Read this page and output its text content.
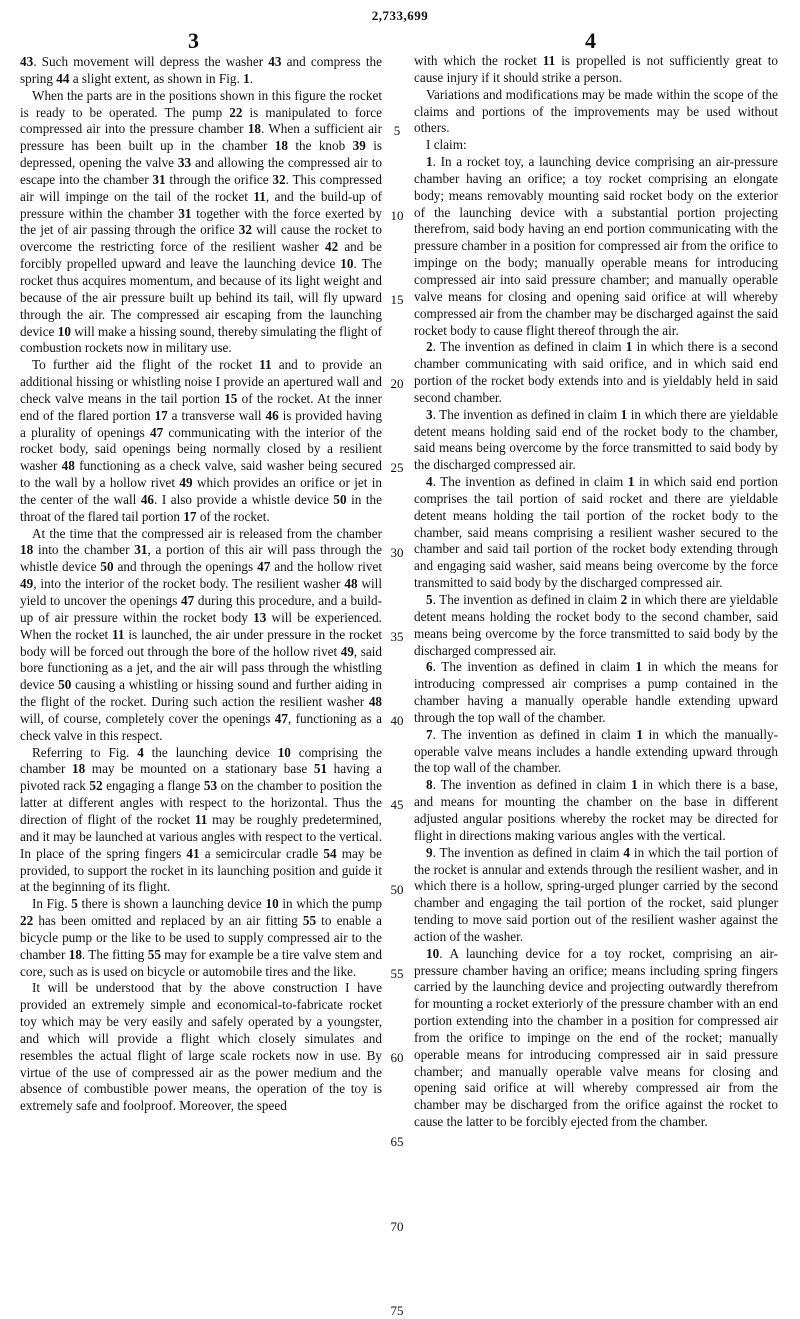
2,733,699
3	4

43. Such movement will depress the washer 43 and compress the spring 44 a slight extent, as shown in Fig. 1.

When the parts are in the positions shown in this figure the rocket is ready to be operated. The pump 22 is manipulated to force compressed air into the pressure chamber 18. When a sufficient air pressure has been built up in the chamber 18 the knob 39 is depressed, opening the valve 33 and allowing the compressed air to escape into the chamber 31 through the orifice 32. This compressed air will impinge on the tail of the rocket 11, and the build-up of pressure within the chamber 31 together with the force exerted by the jet of air passing through the orifice 32 will cause the rocket to overcome the restricting force of the resilient washer 42 and be forcibly propelled upward and leave the launching device 10. The rocket thus acquires momentum, and because of its light weight and because of the air pressure built up behind its tail, will fly upward through the air. The compressed air escaping from the launching device 10 will make a hissing sound, thereby simulating the flight of combustion rockets now in military use.

To further aid the flight of the rocket 11 and to provide an additional hissing or whistling noise I provide an apertured wall and check valve means in the tail portion 15 of the rocket. At the inner end of the flared portion 17 a transverse wall 46 is provided having a plurality of openings 47 communicating with the interior of the rocket body, said openings being normally closed by a resilient washer 48 functioning as a check valve, said washer being secured to the wall by a hollow rivet 49 which provides an orifice or jet in the center of the wall 46. I also provide a whistle device 50 in the throat of the flared tail portion 17 of the rocket.

At the time that the compressed air is released from the chamber 18 into the chamber 31, a portion of this air will pass through the whistle device 50 and through the openings 47 and the hollow rivet 49, into the interior of the rocket body. The resilient washer 48 will yield to uncover the openings 47 during this procedure, and a build-up of air pressure within the rocket body 13 will be experienced. When the rocket 11 is launched, the air under pressure in the rocket body will be forced out through the bore of the hollow rivet 49, said bore functioning as a jet, and the air will pass through the whistling device 50 causing a whistling or hissing sound and further aiding in the flight of the rocket. During such action the resilient washer 48 will, of course, completely cover the openings 47, functioning as a check valve in this respect.

Referring to Fig. 4 the launching device 10 comprising the chamber 18 may be mounted on a stationary base 51 having a pivoted rack 52 engaging a flange 53 on the chamber to position the latter at different angles with respect to the horizontal. Thus the direction of flight of the rocket 11 may be roughly predetermined, and it may be launched at various angles with respect to the vertical. In place of the spring fingers 41 a semicircular cradle 54 may be provided, to support the rocket in its launching position and guide it at the beginning of its flight.

In Fig. 5 there is shown a launching device 10 in which the pump 22 has been omitted and replaced by an air fitting 55 to enable a bicycle pump or the like to be used to supply compressed air to the chamber 18. The fitting 55 may for example be a tire valve stem and core, such as is used on bicycle or automobile tires and the like.

It will be understood that by the above construction I have provided an extremely simple and economical-to-fabricate rocket toy which may be very easily and safely operated by a youngster, and which will provide a flight which closely simulates and resembles the actual flight of large scale rockets now in use. By virtue of the use of compressed air as the power medium and the absence of combustible power means, the operation of the toy is extremely safe and foolproof. Moreover, the speed

5
10
15
20
25
30
35
40
45
50
55
60
65
70
75

with which the rocket 11 is propelled is not sufficiently great to cause injury if it should strike a person.

Variations and modifications may be made within the scope of the claims and portions of the improvements may be used without others.

I claim:

1. In a rocket toy, a launching device comprising an air-pressure chamber having an orifice; a toy rocket comprising an elongate body; means removably mounting said rocket body on the exterior of the launching device with a substantial portion projecting therefrom, said body having an end portion communicating with the pressure chamber in a position for compressed air from the orifice to impinge on the body; manually operable means for introducing compressed air into said pressure chamber; and manually operable valve means for closing and opening said orifice at will whereby compressed air from the chamber may be discharged against the said rocket body to cause flight thereof through the air.

2. The invention as defined in claim 1 in which there is a second chamber communicating with said orifice, and in which said end portion of the rocket body extends into and is yieldably held in said second chamber.

3. The invention as defined in claim 1 in which there are yieldable detent means holding said end of the rocket body to the chamber, said means being overcome by the force transmitted to said body by the discharged compressed air.

4. The invention as defined in claim 1 in which said end portion comprises the tail portion of said rocket and there are yieldable detent means holding the tail portion of the rocket body to the chamber, said means comprising a resilient washer secured to the chamber and said tail portion of the rocket body extending through and engaging said washer, said means being overcome by the force transmitted to said body by the discharged compressed air.

5. The invention as defined in claim 2 in which there are yieldable detent means holding the rocket body to the second chamber, said means being overcome by the force transmitted to said body by the discharged compressed air.

6. The invention as defined in claim 1 in which the means for introducing compressed air comprises a pump contained in the chamber having a manually operable handle extending upward through the top wall of the chamber.

7. The invention as defined in claim 1 in which the manually-operable valve means includes a handle extending upward through the top wall of the chamber.

8. The invention as defined in claim 1 in which there is a base, and means for mounting the chamber on the base in different adjusted angular positions whereby the rocket may be directed for flight in directions making various angles with the vertical.

9. The invention as defined in claim 4 in which the tail portion of the rocket is annular and extends through the resilient washer, and in which there is a hollow, spring-urged plunger carried by the second chamber and engaging the tail portion of the rocket, said plunger tending to move said portion out of the resilient washer against the action of the washer.

10. A launching device for a toy rocket, comprising an air-pressure chamber having an orifice; means including spring fingers carried by the launching device and projecting outwardly therefrom for mounting a rocket exteriorly of the pressure chamber with an end portion extending into the chamber in a position for compressed air from the orifice to impinge on the end of the rocket; manually operable means for introducing compressed air in said pressure chamber; and manually operable valve means for closing and opening said orifice at will whereby compressed air from the chamber may be discharged from the orifice against the rocket to cause the latter to be forcibly ejected from the chamber.
